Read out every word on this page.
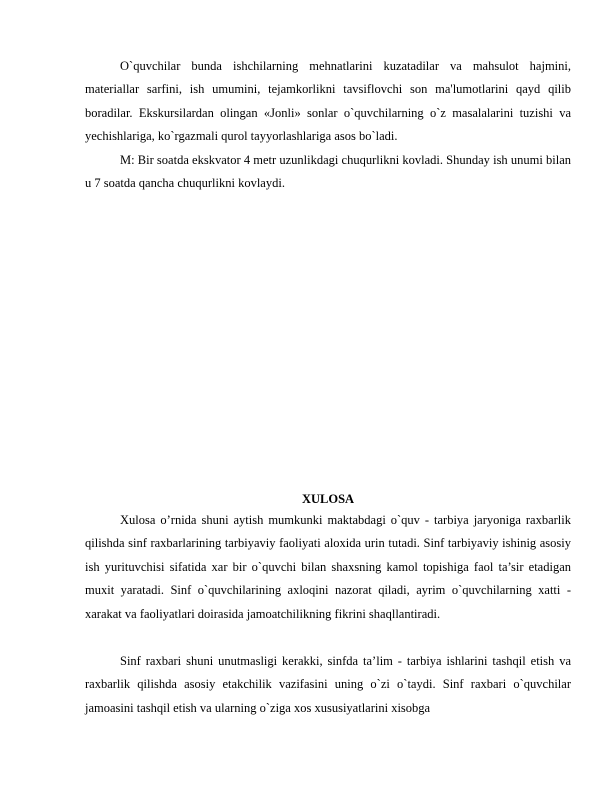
O`quvchilar bunda ishchilarning mehnatlarini kuzatadilar va mahsulot hajmini, materiallar sarfini, ish umumini, tejamkorlikni tavsiflovchi son ma'lumotlarini qayd qilib boradilar. Ekskursilardan olingan «Jonli» sonlar o`quvchilarning o`z masalalarini tuzishi va yechishlariga, ko`rgazmali qurol tayyorlashlariga asos bo`ladi.

M: Bir soatda ekskvator 4 metr uzunlikdagi chuqurlikni kovladi. Shunday ish unumi bilan u 7 soatda qancha chuqurlikni kovlaydi.

XULOSA

Xulosa o’rnida shuni aytish mumkunki maktabdagi o`quv - tarbiya jaryoniga raxbarlik qilishda sinf raxbarlarining tarbiyaviy faoliyati aloxida urin tutadi. Sinf tarbiyaviy ishinig asosiy ish yurituvchisi sifatida xar bir o`quvchi bilan shaxsning kamol topishiga faol ta’sir etadigan muxit yaratadi. Sinf o`quvchilarining axloqini nazorat qiladi, ayrim o`quvchilarning xatti - xarakat va faoliyatlari doirasida jamoatchilikning fikrini shaqllantiradi.

Sinf raxbari shuni unutmasligi kerakki, sinfda ta’lim - tarbiya ishlarini tashqil etish va raxbarlik qilishda asosiy etakchilik vazifasini uning o`zi o`taydi. Sinf raxbari o`quvchilar jamoasini tashqil etish va ularning o`ziga xos xususiyatlarini xisobga
